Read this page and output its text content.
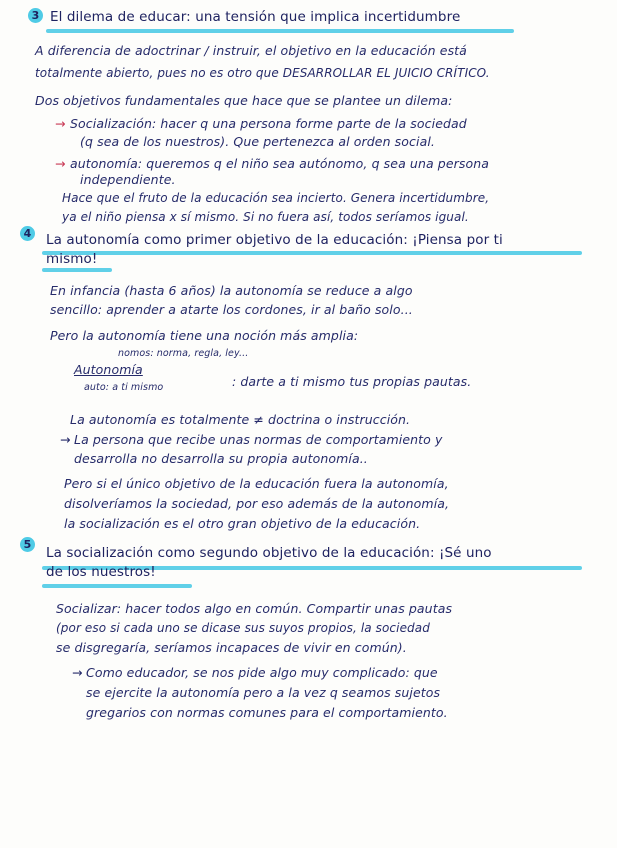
3 El dilema de educar: una tensión que implica incertidumbre
A diferencia de adoctrinar / instruir, el objetivo en la educación está
totalmente abierto, pues no es otro que DESARROLLAR EL JUICIO CRÍTICO.
Dos objetivos fundamentales que hace que se plantee un dilema:
→ Socialización: hacer q una persona forme parte de la sociedad
(q sea de los nuestros). Que pertenezca al orden social.
→ autonomía: queremos q el niño sea autónomo, q sea una persona
independiente.
Hace que el fruto de la educación sea incierto. Genera incertidumbre,
ya el niño piensa x sí mismo. Si no fuera así, todos seríamos igual.
4 La autonomía como primer objetivo de la educación: ¡Piensa por ti
mismo!
En infancia (hasta 6 años) la autonomía se reduce a algo
sencillo: aprender a atarte los cordones, ir al baño solo...
Pero la autonomía tiene una noción más amplia:
nomos: norma, regla, ley...
Autonomía
auto: a ti mismo	: darte a ti mismo tus propias pautas.
La autonomía es totalmente ≠ doctrina o instrucción.
→ La persona que recibe unas normas de comportamiento y
desarrolla no desarrolla su propia autonomía..
Pero si el único objetivo de la educación fuera la autonomía,
disolveríamos la sociedad, por eso además de la autonomía,
la socialización es el otro gran objetivo de la educación.
5
La socialización como segundo objetivo de la educación: ¡Sé uno
de los nuestros!
Socializar: hacer todos algo en común. Compartir unas pautas
(por eso si cada uno se dicase sus suyos propios, la sociedad
se disgregaría, seríamos incapaces de vivir en común).
→ Como educador, se nos pide algo muy complicado: que
se ejercite la autonomía pero a la vez q seamos sujetos
gregarios con normas comunes para el comportamiento.
